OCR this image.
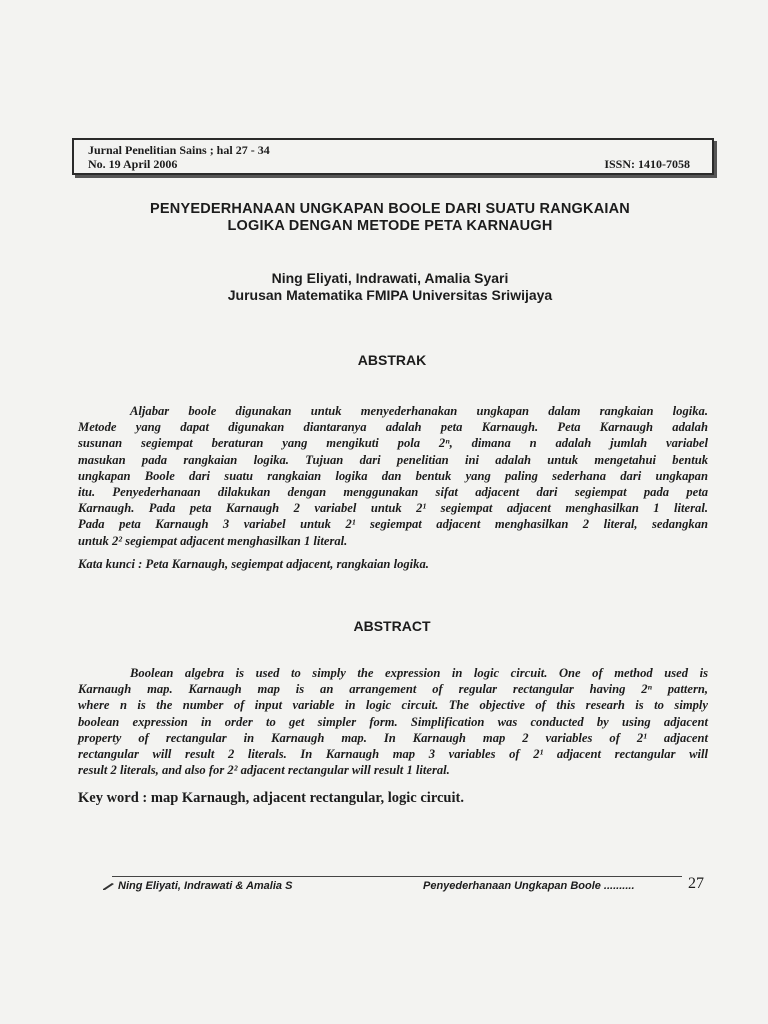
Jurnal Penelitian Sains ; hal 27 - 34
No. 19 April 2006	ISSN: 1410-7058
PENYEDERHANAAN UNGKAPAN BOOLE DARI SUATU RANGKAIAN
LOGIKA DENGAN METODE PETA KARNAUGH
Ning Eliyati, Indrawati, Amalia Syari
Jurusan Matematika FMIPA Universitas Sriwijaya
ABSTRAK
Aljabar boole digunakan untuk menyederhanakan ungkapan dalam rangkaian logika.
Metode yang dapat digunakan diantaranya adalah peta Karnaugh. Peta Karnaugh adalah
susunan segiempat beraturan yang mengikuti pola 2ⁿ, dimana n adalah jumlah variabel
masukan pada rangkaian logika. Tujuan dari penelitian ini adalah untuk mengetahui bentuk
ungkapan Boole dari suatu rangkaian logika dan bentuk yang paling sederhana dari ungkapan
itu. Penyederhanaan dilakukan dengan menggunakan sifat adjacent dari segiempat pada peta
Karnaugh. Pada peta Karnaugh 2 variabel untuk 2¹ segiempat adjacent menghasilkan 1 literal.
Pada peta Karnaugh 3 variabel untuk 2¹ segiempat adjacent menghasilkan 2 literal, sedangkan
untuk 2² segiempat adjacent menghasilkan 1 literal.
Kata kunci : Peta Karnaugh, segiempat adjacent, rangkaian logika.
ABSTRACT
Boolean algebra is used to simply the expression in logic circuit. One of method used is
Karnaugh map. Karnaugh map is an arrangement of regular rectangular having 2ⁿ pattern,
where n is the number of input variable in logic circuit. The objective of this researh is to simply
boolean expression in order to get simpler form. Simplification was conducted by using adjacent
property of rectangular in Karnaugh map. In Karnaugh map 2 variables of 2¹ adjacent
rectangular will result 2 literals. In Karnaugh map 3 variables of 2¹ adjacent rectangular will
result 2 literals, and also for 2² adjacent rectangular will result 1 literal.
Key word : map Karnaugh, adjacent rectangular, logic circuit.
Ning Eliyati, Indrawati & Amalia S	Penyederhanaan Ungkapan Boole ..........	27
